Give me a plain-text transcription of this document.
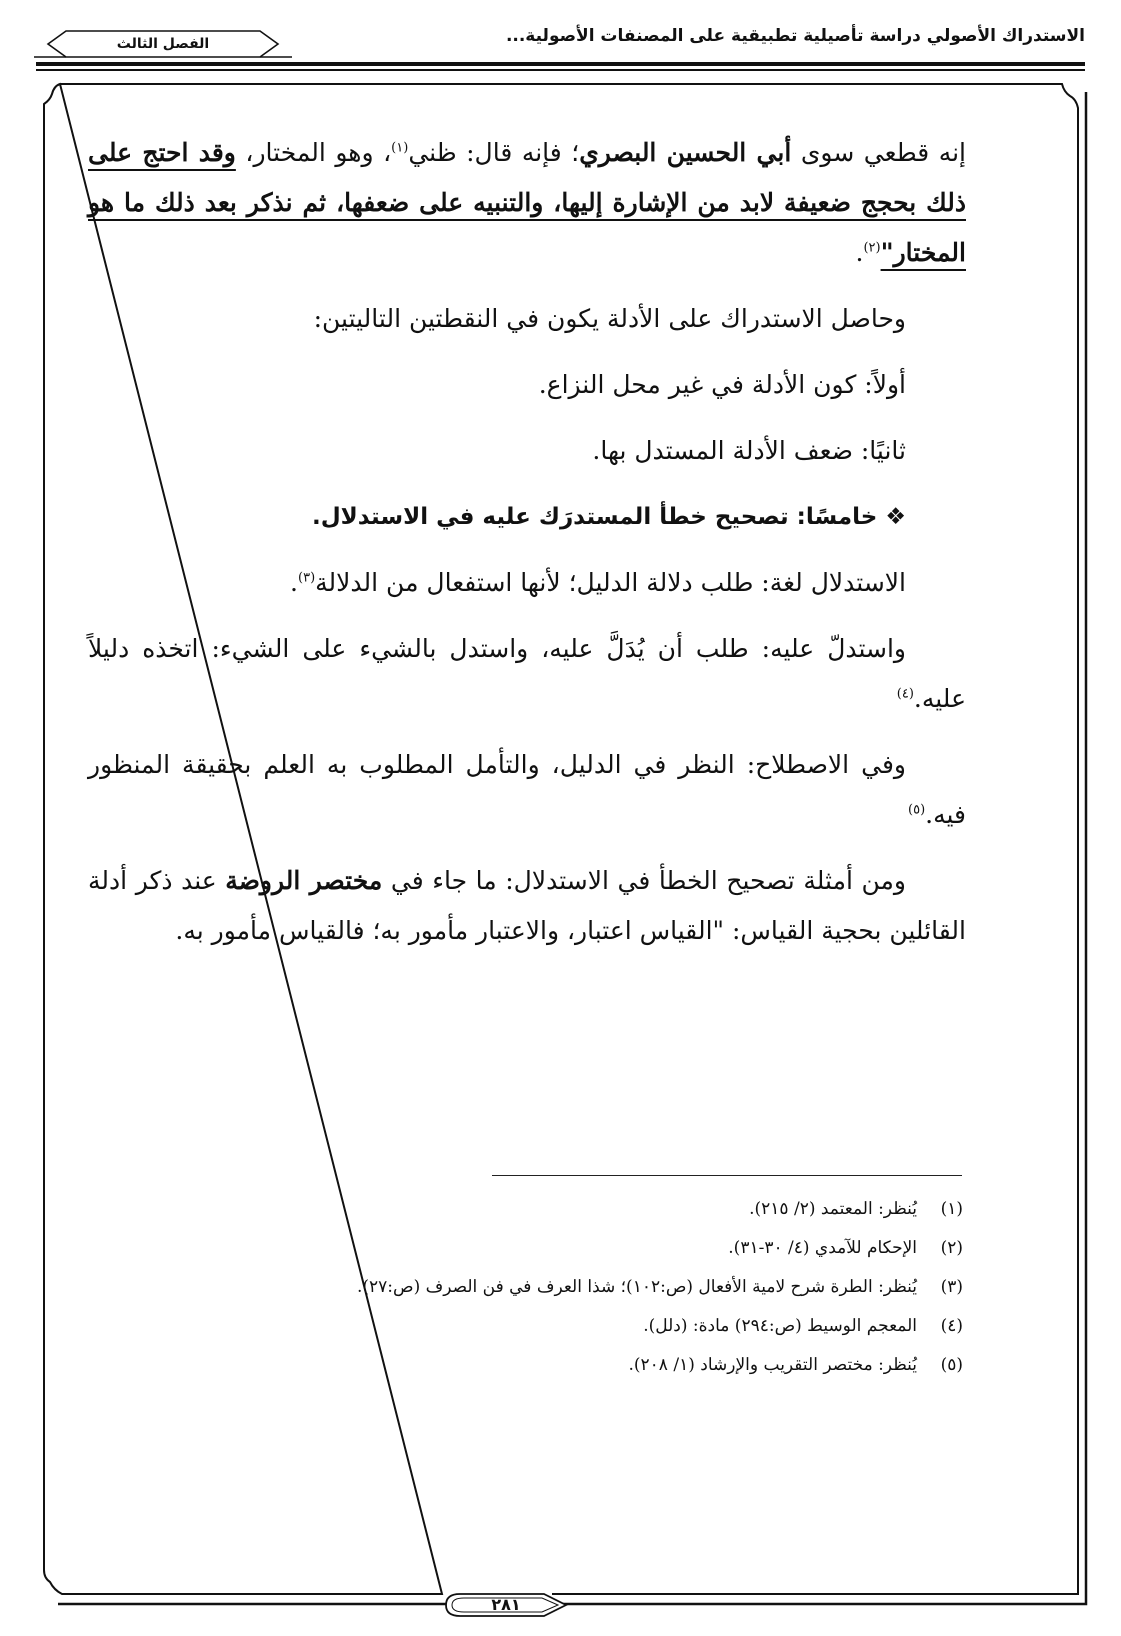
الاستدراك الأصولي دراسة تأصيلية تطبيقية على المصنفات الأصولية...
الفصل الثالث

إنه قطعي سوى أبي الحسين البصري؛ فإنه قال: ظني$^{(١)}$، وهو المختار، وقد احتج على ذلك بحجج ضعيفة لابد من الإشارة إليها، والتنبيه على ضعفها، ثم نذكر بعد ذلك ما هو المختار"$^{(٢)}$.

وحاصل الاستدراك على الأدلة يكون في النقطتين التاليتين:

أولاً: كون الأدلة في غير محل النزاع.

ثانيًا: ضعف الأدلة المستدل بها.

❖ خامسًا: تصحيح خطأ المستدرَك عليه في الاستدلال.

الاستدلال لغة: طلب دلالة الدليل؛ لأنها استفعال من الدلالة$^{(٣)}$.

واستدلّ عليه: طلب أن يُدَلَّ عليه، واستدل بالشيء على الشيء: اتخذه دليلاً عليه.$^{(٤)}$

وفي الاصطلاح: النظر في الدليل، والتأمل المطلوب به العلم بحقيقة المنظور فيه.$^{(٥)}$

ومن أمثلة تصحيح الخطأ في الاستدلال: ما جاء في مختصر الروضة عند ذكر أدلة القائلين بحجية القياس: "القياس اعتبار، والاعتبار مأمور به؛ فالقياس مأمور به.

(١)
يُنظر: المعتمد (٢/ ٢١٥).
(٢)
الإحكام للآمدي (٤/ ٣٠-٣١).
(٣)
يُنظر: الطرة شرح لامية الأفعال (ص:١٠٢)؛ شذا العرف في فن الصرف (ص:٢٧).
(٤)
المعجم الوسيط (ص:٢٩٤) مادة: (دلل).
(٥)
يُنظر: مختصر التقريب والإرشاد (١/ ٢٠٨).
٢٨١
